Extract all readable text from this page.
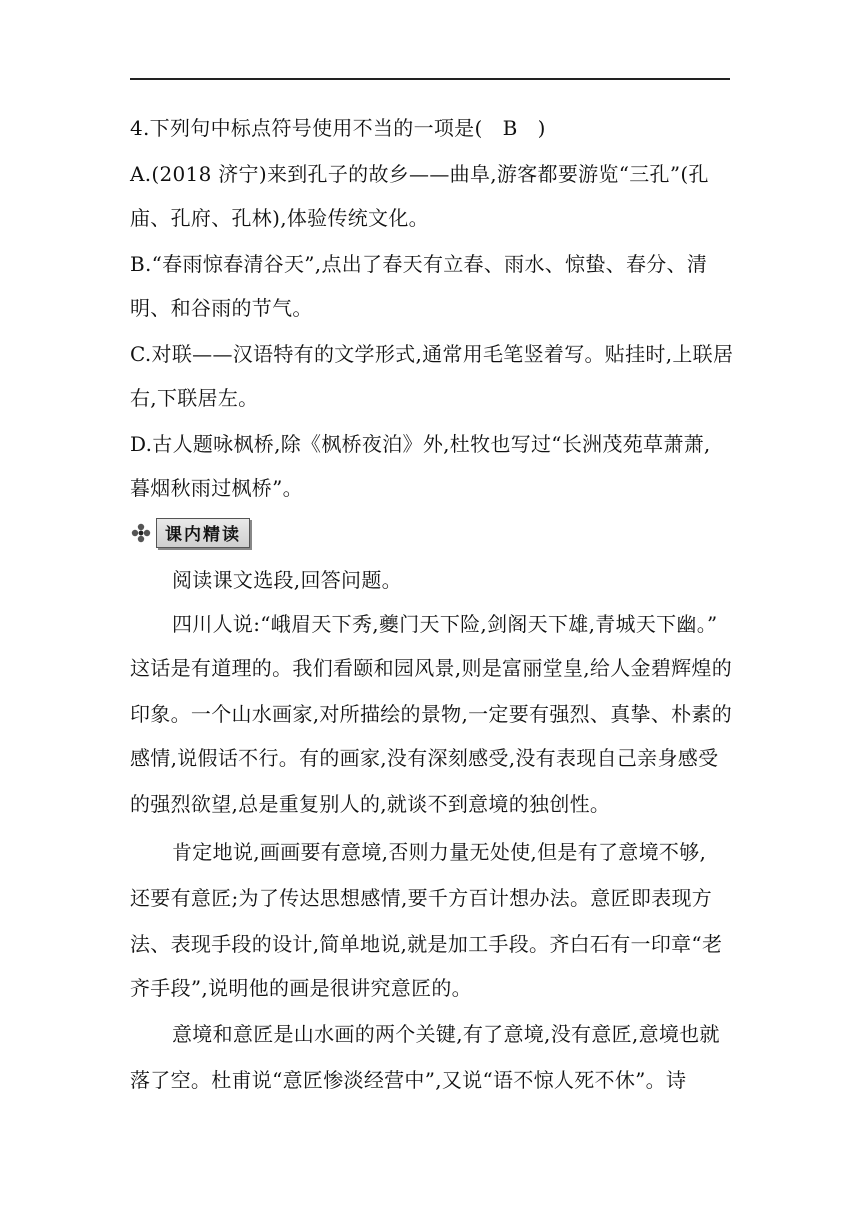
4.下列句中标点符号使用不当的一项是( B )
A.(2018 济宁)来到孔子的故乡——曲阜,游客都要游览“三孔”(孔
庙、孔府、孔林),体验传统文化。
B.“春雨惊春清谷天”,点出了春天有立春、雨水、惊蛰、春分、清
明、和谷雨的节气。
C.对联——汉语特有的文学形式,通常用毛笔竖着写。贴挂时,上联居
右,下联居左。
D.古人题咏枫桥,除《枫桥夜泊》外,杜牧也写过“长洲茂苑草萧萧,
暮烟秋雨过枫桥”。
课内精读
阅读课文选段,回答问题。
四川人说:“峨眉天下秀,夔门天下险,剑阁天下雄,青城天下幽。”
这话是有道理的。我们看颐和园风景,则是富丽堂皇,给人金碧辉煌的
印象。一个山水画家,对所描绘的景物,一定要有强烈、真挚、朴素的
感情,说假话不行。有的画家,没有深刻感受,没有表现自己亲身感受
的强烈欲望,总是重复别人的,就谈不到意境的独创性。
肯定地说,画画要有意境,否则力量无处使,但是有了意境不够,
还要有意匠;为了传达思想感情,要千方百计想办法。意匠即表现方
法、表现手段的设计,简单地说,就是加工手段。齐白石有一印章“老
齐手段”,说明他的画是很讲究意匠的。
意境和意匠是山水画的两个关键,有了意境,没有意匠,意境也就
落了空。杜甫说“意匠惨淡经营中”,又说“语不惊人死不休”。诗
